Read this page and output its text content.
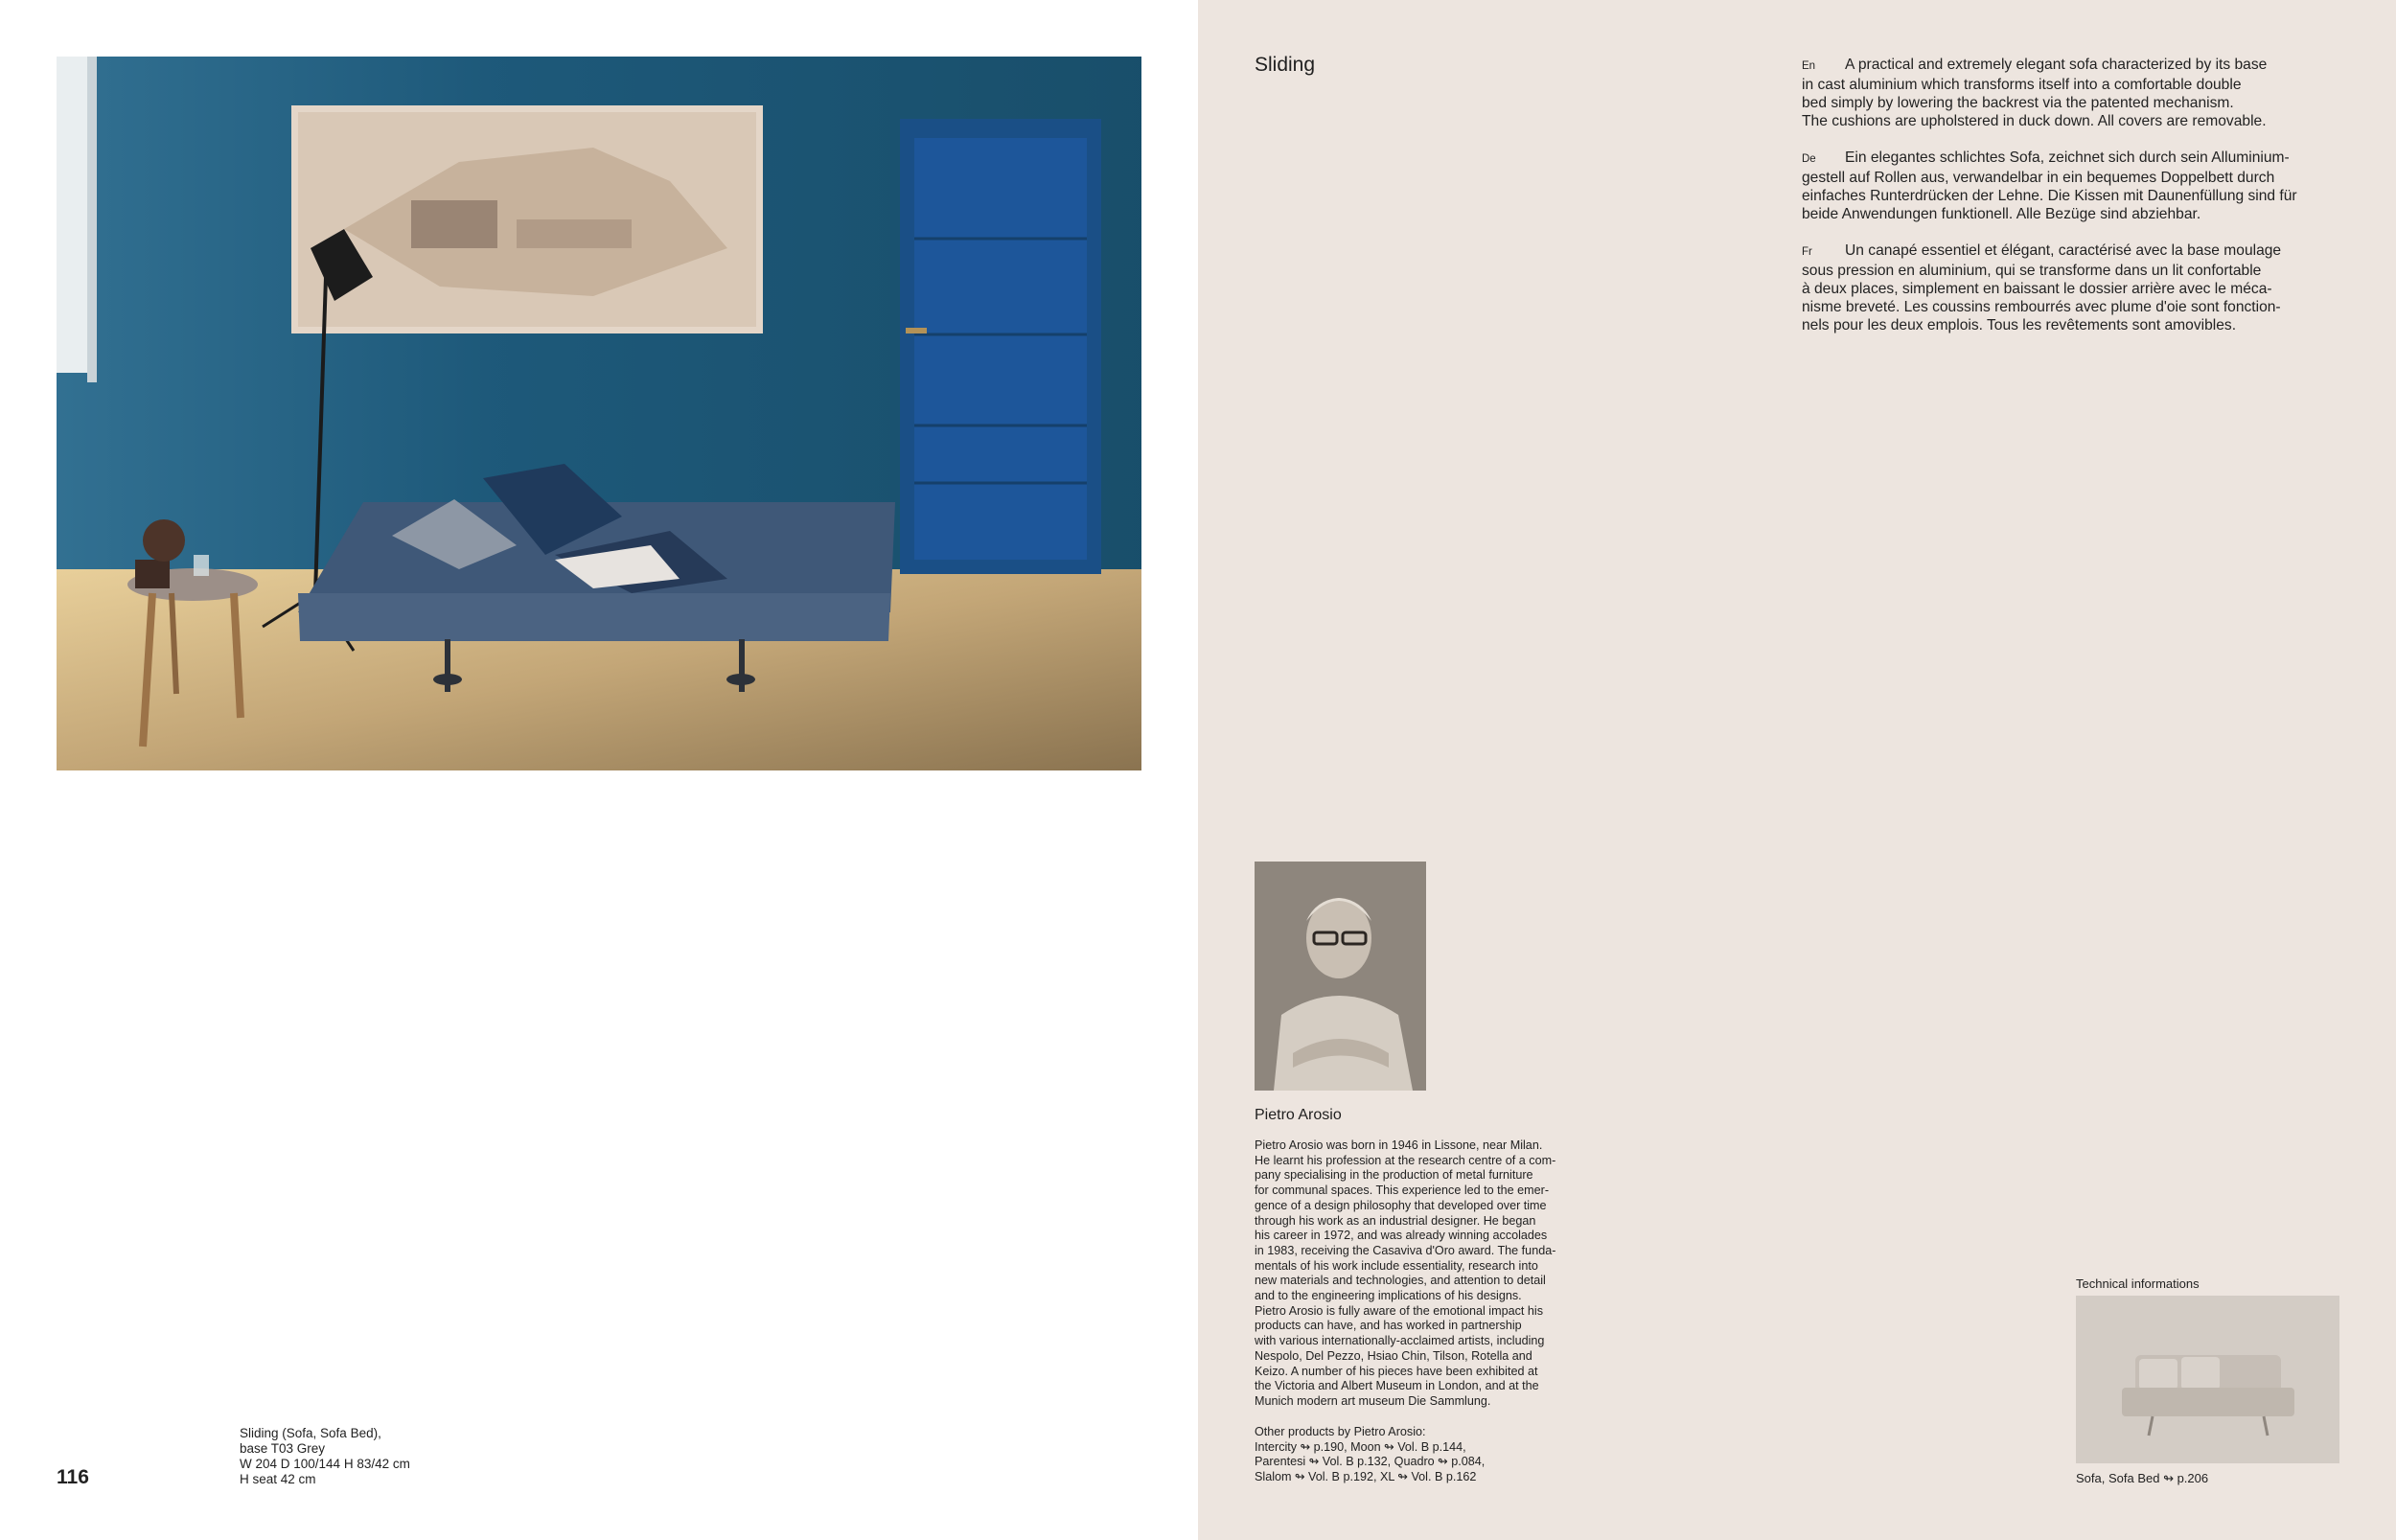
Sliding (Sofa, Sofa Bed),
base T03 Grey
W 204 D 100/144 H 83/42 cm
H seat 42 cm
116
Sliding	En A practical and extremely elegant sofa characterized by its base
in cast aluminium which transforms itself into a comfortable double
bed simply by lowering the backrest via the patented mechanism.
The cushions are upholstered in duck down. All covers are removable.

De Ein elegantes schlichtes Sofa, zeichnet sich durch sein Alluminium-
gestell auf Rollen aus, verwandelbar in ein bequemes Doppelbett durch
einfaches Runterdrücken der Lehne. Die Kissen mit Daunenfüllung sind für
beide Anwendungen funktionell. Alle Bezüge sind abziehbar.

Fr Un canapé essentiel et élégant, caractérisé avec la base moulage
sous pression en aluminium, qui se transforme dans un lit confortable
à deux places, simplement en baissant le dossier arrière avec le méca-
nisme breveté. Les coussins rembourrés avec plume d'oie sont fonction-
nels pour les deux emplois. Tous les revêtements sont amovibles.

Pietro Arosio
Pietro Arosio was born in 1946 in Lissone, near Milan.
He learnt his profession at the research centre of a com-
pany specialising in the production of metal furniture
for communal spaces. This experience led to the emer-
gence of a design philosophy that developed over time
through his work as an industrial designer. He began
his career in 1972, and was already winning accolades
in 1983, receiving the Casaviva d'Oro award. The funda-
mentals of his work include essentiality, research into
new materials and technologies, and attention to detail
and to the engineering implications of his designs.
Pietro Arosio is fully aware of the emotional impact his
products can have, and has worked in partnership
with various internationally-acclaimed artists, including
Nespolo, Del Pezzo, Hsiao Chin, Tilson, Rotella and
Keizo. A number of his pieces have been exhibited at
the Victoria and Albert Museum in London, and at the
Munich modern art museum Die Sammlung.
Other products by Pietro Arosio:
Intercity ↬ p.190, Moon ↬ Vol. B p.144,
Parentesi ↬ Vol. B p.132, Quadro ↬ p.084,
Slalom ↬ Vol. B p.192, XL ↬ Vol. B p.162
Technical informations
Sofa, Sofa Bed ↬ p.206
